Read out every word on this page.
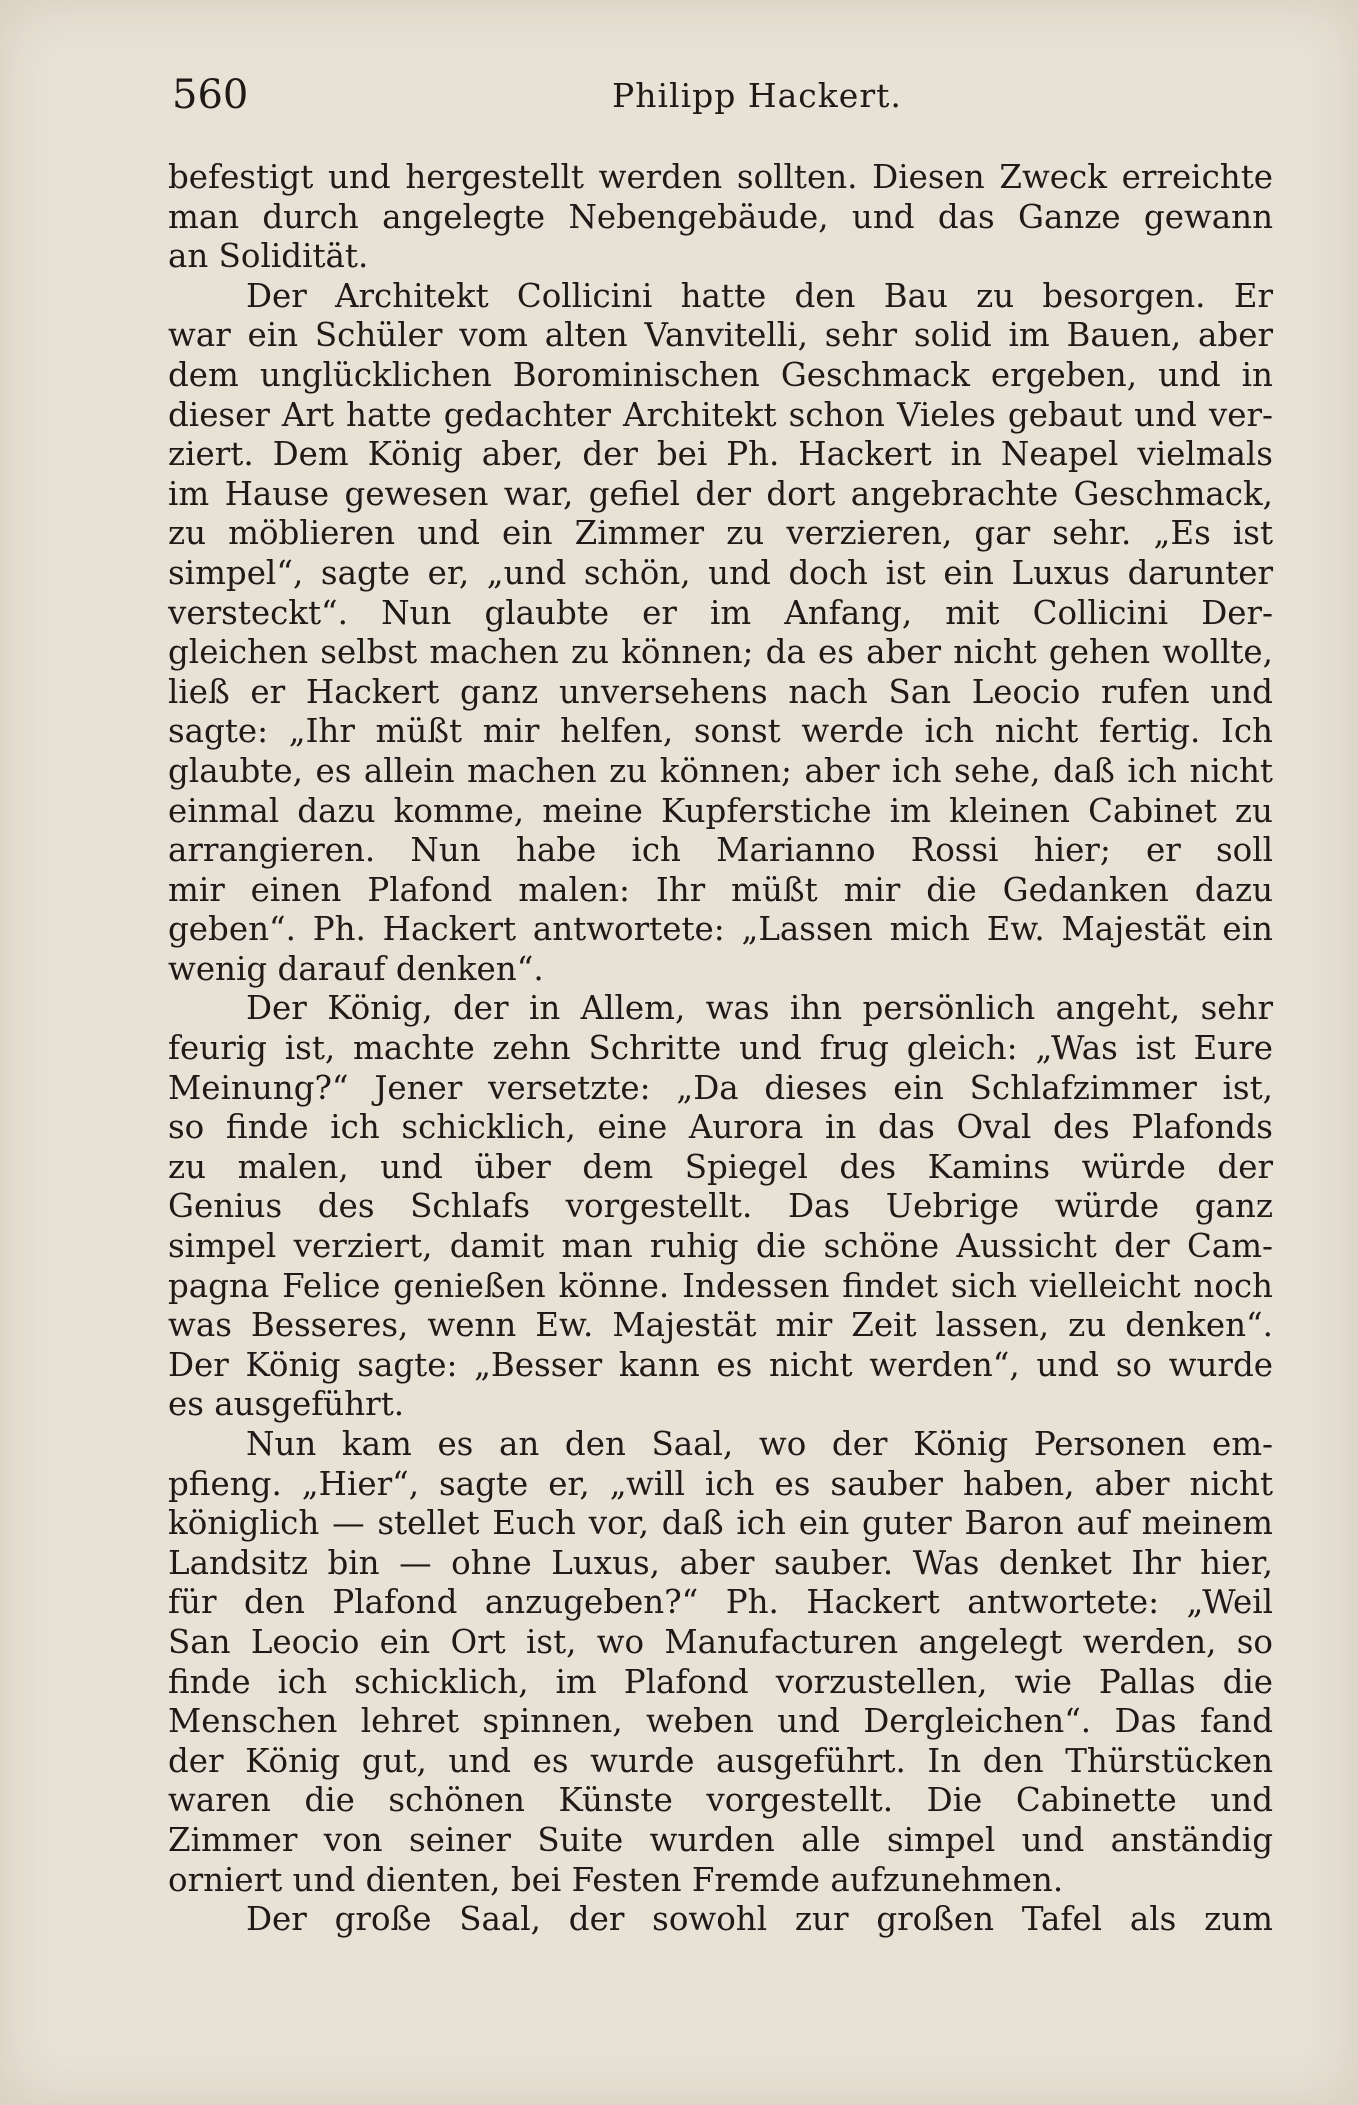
560	Philipp Hackert.
befestigt und hergestellt werden sollten. Diesen Zweck erreichte
man durch angelegte Nebengebäude, und das Ganze gewann
an Solidität.
Der Architekt Collicini hatte den Bau zu besorgen. Er
war ein Schüler vom alten Vanvitelli, sehr solid im Bauen, aber
dem unglücklichen Borominischen Geschmack ergeben, und in
dieser Art hatte gedachter Architekt schon Vieles gebaut und ver-
ziert. Dem König aber, der bei Ph. Hackert in Neapel vielmals
im Hause gewesen war, gefiel der dort angebrachte Geschmack,
zu möblieren und ein Zimmer zu verzieren, gar sehr. „Es ist
simpel“, sagte er, „und schön, und doch ist ein Luxus darunter
versteckt“. Nun glaubte er im Anfang, mit Collicini Der-
gleichen selbst machen zu können; da es aber nicht gehen wollte,
ließ er Hackert ganz unversehens nach San Leocio rufen und
sagte: „Ihr müßt mir helfen, sonst werde ich nicht fertig. Ich
glaubte, es allein machen zu können; aber ich sehe, daß ich nicht
einmal dazu komme, meine Kupferstiche im kleinen Cabinet zu
arrangieren. Nun habe ich Marianno Rossi hier; er soll
mir einen Plafond malen: Ihr müßt mir die Gedanken dazu
geben“. Ph. Hackert antwortete: „Lassen mich Ew. Majestät ein
wenig darauf denken“.
Der König, der in Allem, was ihn persönlich angeht, sehr
feurig ist, machte zehn Schritte und frug gleich: „Was ist Eure
Meinung?“ Jener versetzte: „Da dieses ein Schlafzimmer ist,
so finde ich schicklich, eine Aurora in das Oval des Plafonds
zu malen, und über dem Spiegel des Kamins würde der
Genius des Schlafs vorgestellt. Das Uebrige würde ganz
simpel verziert, damit man ruhig die schöne Aussicht der Cam-
pagna Felice genießen könne. Indessen findet sich vielleicht noch
was Besseres, wenn Ew. Majestät mir Zeit lassen, zu denken“.
Der König sagte: „Besser kann es nicht werden“, und so wurde
es ausgeführt.
Nun kam es an den Saal, wo der König Personen em-
pfieng. „Hier“, sagte er, „will ich es sauber haben, aber nicht
königlich — stellet Euch vor, daß ich ein guter Baron auf meinem
Landsitz bin — ohne Luxus, aber sauber. Was denket Ihr hier,
für den Plafond anzugeben?“ Ph. Hackert antwortete: „Weil
San Leocio ein Ort ist, wo Manufacturen angelegt werden, so
finde ich schicklich, im Plafond vorzustellen, wie Pallas die
Menschen lehret spinnen, weben und Dergleichen“. Das fand
der König gut, und es wurde ausgeführt. In den Thürstücken
waren die schönen Künste vorgestellt. Die Cabinette und
Zimmer von seiner Suite wurden alle simpel und anständig
orniert und dienten, bei Festen Fremde aufzunehmen.
Der große Saal, der sowohl zur großen Tafel als zum
